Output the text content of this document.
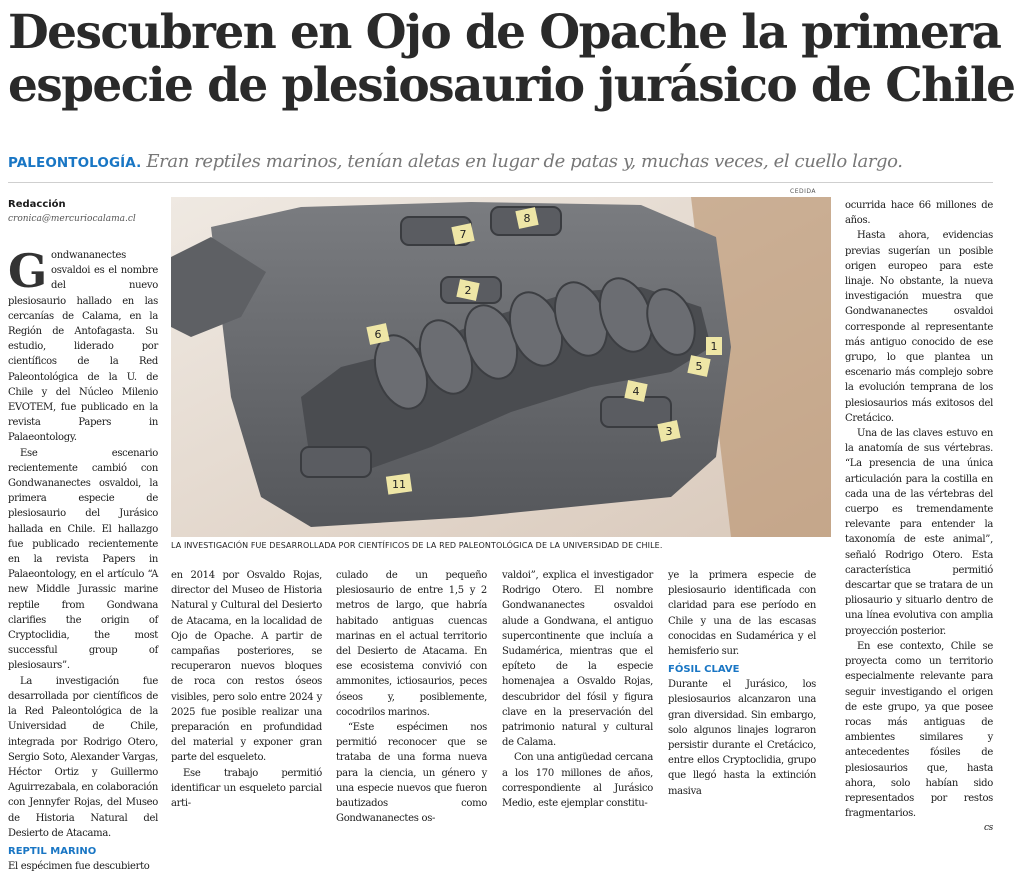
Descubren en Ojo de Opache la primera
especie de plesiosaurio jurásico de Chile
PALEONTOLOGÍA. Eran reptiles marinos, tenían aletas en lugar de patas y, muchas veces, el cuello largo.
Redacción
cronica@mercuriocalama.cl

Gondwananectes osvaldoi es el nombre del nuevo plesiosaurio hallado en las cercanías de Calama, en la Región de Antofagasta. Su estudio, liderado por científicos de la Red Paleontológica de la U. de Chile y del Núcleo Milenio EVOTEM, fue publicado en la revista Papers in Palaeontology.

Ese escenario recientemente cambió con Gondwananectes osvaldoi, la primera especie de plesiosaurio del Jurásico hallada en Chile. El hallazgo fue publicado recientemente en la revista Papers in Palaeontology, en el artículo “A new Middle Jurassic marine reptile from Gondwana clarifies the origin of Cryptoclidia, the most successful group of plesiosaurs”.

La investigación fue desarrollada por científicos de la Red Paleontológica de la Universidad de Chile, integrada por Rodrigo Otero, Sergio Soto, Alexander Vargas, Héctor Ortiz y Guillermo Aguirrezabala, en colaboración con Jennyfer Rojas, del Museo de Historia Natural del Desierto de Atacama.

REPTIL MARINO

El espécimen fue descubierto

CEDIDA
7
8
2
6
4
3
5
11
1
LA INVESTIGACIÓN FUE DESARROLLADA POR CIENTÍFICOS DE LA RED PALEONTOLÓGICA DE LA UNIVERSIDAD DE CHILE.

en 2014 por Osvaldo Rojas, director del Museo de Historia Natural y Cultural del Desierto de Atacama, en la localidad de Ojo de Opache. A partir de campañas posteriores, se recuperaron nuevos bloques de roca con restos óseos visibles, pero solo entre 2024 y 2025 fue posible realizar una preparación en profundidad del material y exponer gran parte del esqueleto.

Ese trabajo permitió identificar un esqueleto parcial arti-

culado de un pequeño plesiosaurio de entre 1,5 y 2 metros de largo, que habría habitado antiguas cuencas marinas en el actual territorio del Desierto de Atacama. En ese ecosistema convivió con ammonites, ictiosaurios, peces óseos y, posiblemente, cocodrilos marinos.

“Este espécimen nos permitió reconocer que se trataba de una forma nueva para la ciencia, un género y una especie nuevos que fueron bautizados como Gondwananectes os-

valdoi”, explica el investigador Rodrigo Otero. El nombre Gondwananectes osvaldoi alude a Gondwana, el antiguo supercontinente que incluía a Sudamérica, mientras que el epíteto de la especie homenajea a Osvaldo Rojas, descubridor del fósil y figura clave en la preservación del patrimonio natural y cultural de Calama.

Con una antigüedad cercana a los 170 millones de años, correspondiente al Jurásico Medio, este ejemplar constitu-

ye la primera especie de plesiosaurio identificada con claridad para ese período en Chile y una de las escasas conocidas en Sudamérica y el hemisferio sur.

FÓSIL CLAVE

Durante el Jurásico, los plesiosaurios alcanzaron una gran diversidad. Sin embargo, solo algunos linajes lograron persistir durante el Cretácico, entre ellos Cryptoclidia, grupo que llegó hasta la extinción masiva

ocurrida hace 66 millones de años.

Hasta ahora, evidencias previas sugerían un posible origen europeo para este linaje. No obstante, la nueva investigación muestra que Gondwananectes osvaldoi corresponde al representante más antiguo conocido de ese grupo, lo que plantea un escenario más complejo sobre la evolución temprana de los plesiosaurios más exitosos del Cretácico.

Una de las claves estuvo en la anatomía de sus vértebras. “La presencia de una única articulación para la costilla en cada una de las vértebras del cuerpo es tremendamente relevante para entender la taxonomía de este animal”, señaló Rodrigo Otero. Esta característica permitió descartar que se tratara de un pliosaurio y situarlo dentro de una línea evolutiva con amplia proyección posterior.

En ese contexto, Chile se proyecta como un territorio especialmente relevante para seguir investigando el origen de este grupo, ya que posee rocas más antiguas de ambientes similares y antecedentes fósiles de plesiosaurios que, hasta ahora, solo habían sido representados por restos fragmentarios.

cs
